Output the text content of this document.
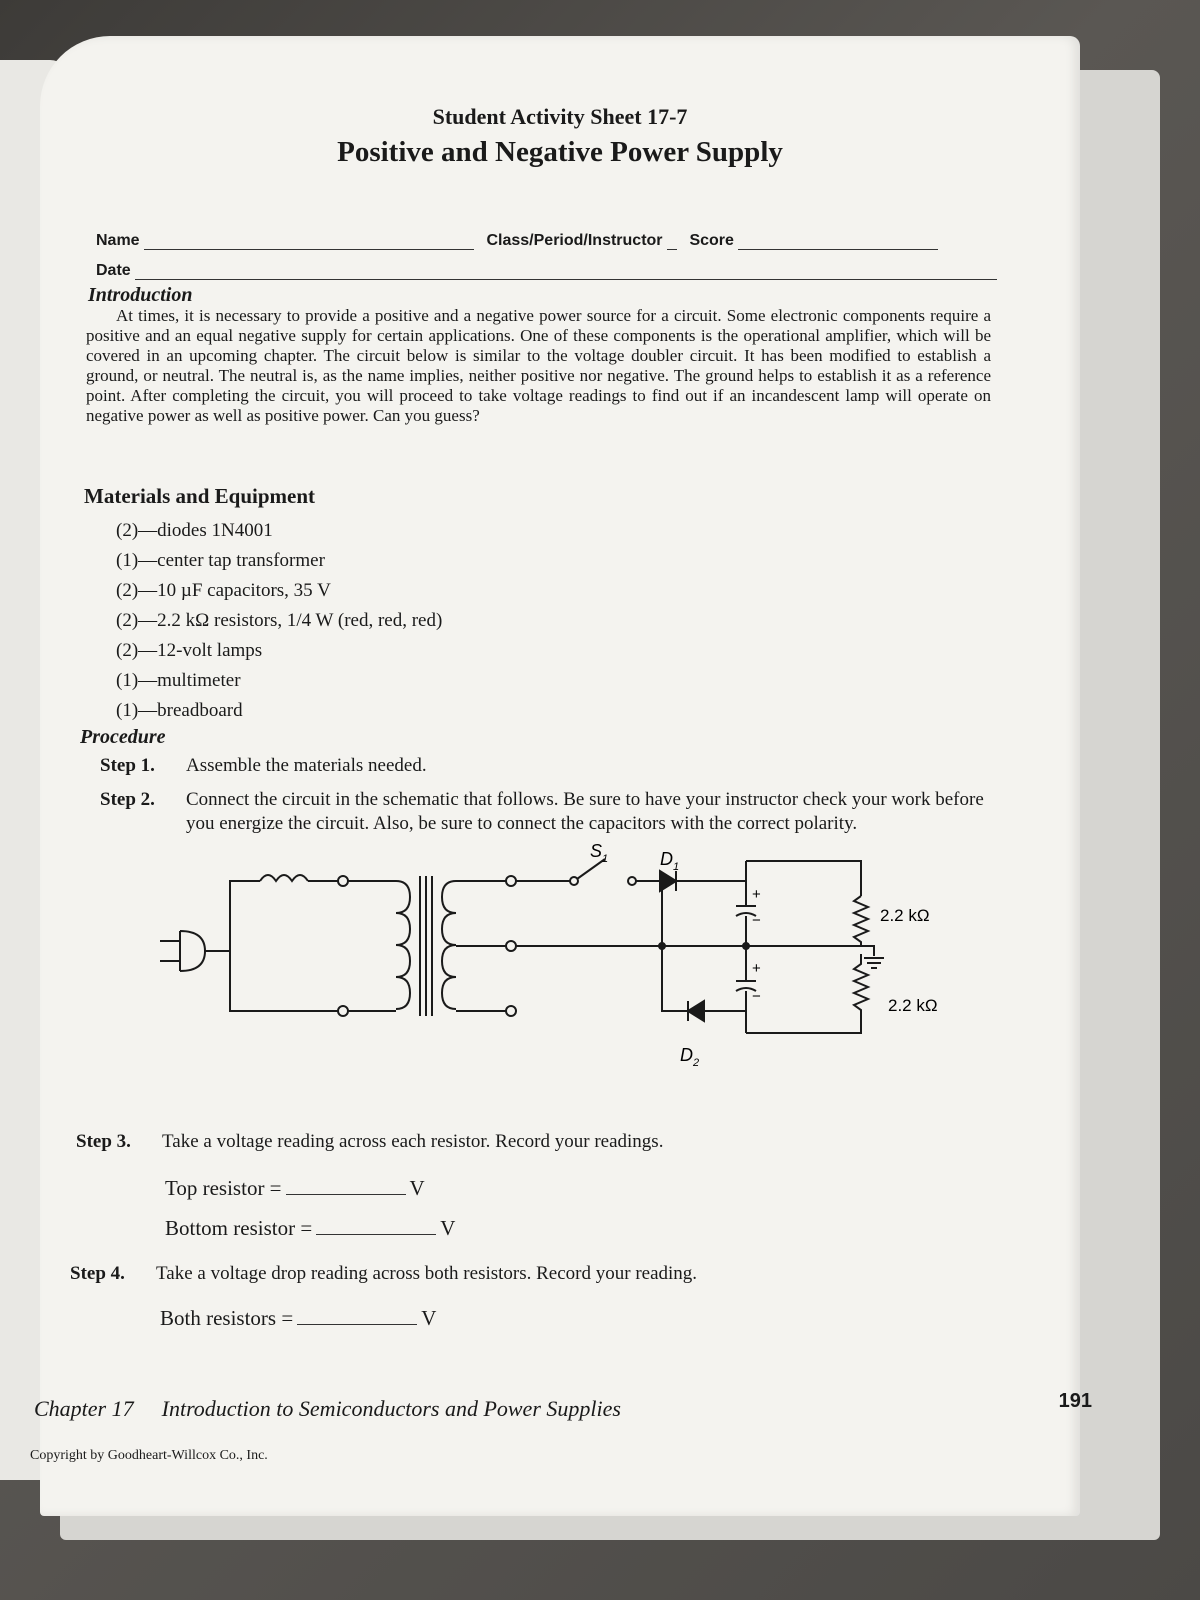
Student Activity Sheet 17-7
Positive and Negative Power Supply
Name	Class/Period/Instructor Score
Date
Introduction
At times, it is necessary to provide a positive and a negative power source for a circuit. Some electronic components require a positive and an equal negative supply for certain applications. One of these components is the operational amplifier, which will be covered in an upcoming chapter. The circuit below is similar to the voltage doubler circuit. It has been modified to establish a ground, or neutral. The neutral is, as the name implies, neither positive nor negative. The ground helps to establish it as a reference point. After completing the circuit, you will proceed to take voltage readings to find out if an incandescent lamp will operate on negative power as well as positive power. Can you guess?
Materials and Equipment
(2)—diodes 1N4001
(1)—center tap transformer
(2)—10 µF capacitors, 35 V
(2)—2.2 kΩ resistors, 1/4 W (red, red, red)
(2)—12-volt lamps
(1)—multimeter
(1)—breadboard
Procedure
Step 1. Assemble the materials needed.
Step 2.	Connect the circuit in the schematic that follows. Be sure to have your instructor check your work before you energize the circuit. Also, be sure to connect the capacitors with the correct polarity.
$S_1$	$D_1$
$D_2$
+
−
+
−
2.2 kΩ
2.2 kΩ
Step 3. Take a voltage reading across each resistor. Record your readings.
Top resistor =	V
Bottom resistor =	V
Step 4. Take a voltage drop reading across both resistors. Record your reading.
Both resistors =	V
Chapter 17 Introduction to Semiconductors and Power Supplies
Copyright by Goodheart-Willcox Co., Inc.
191
